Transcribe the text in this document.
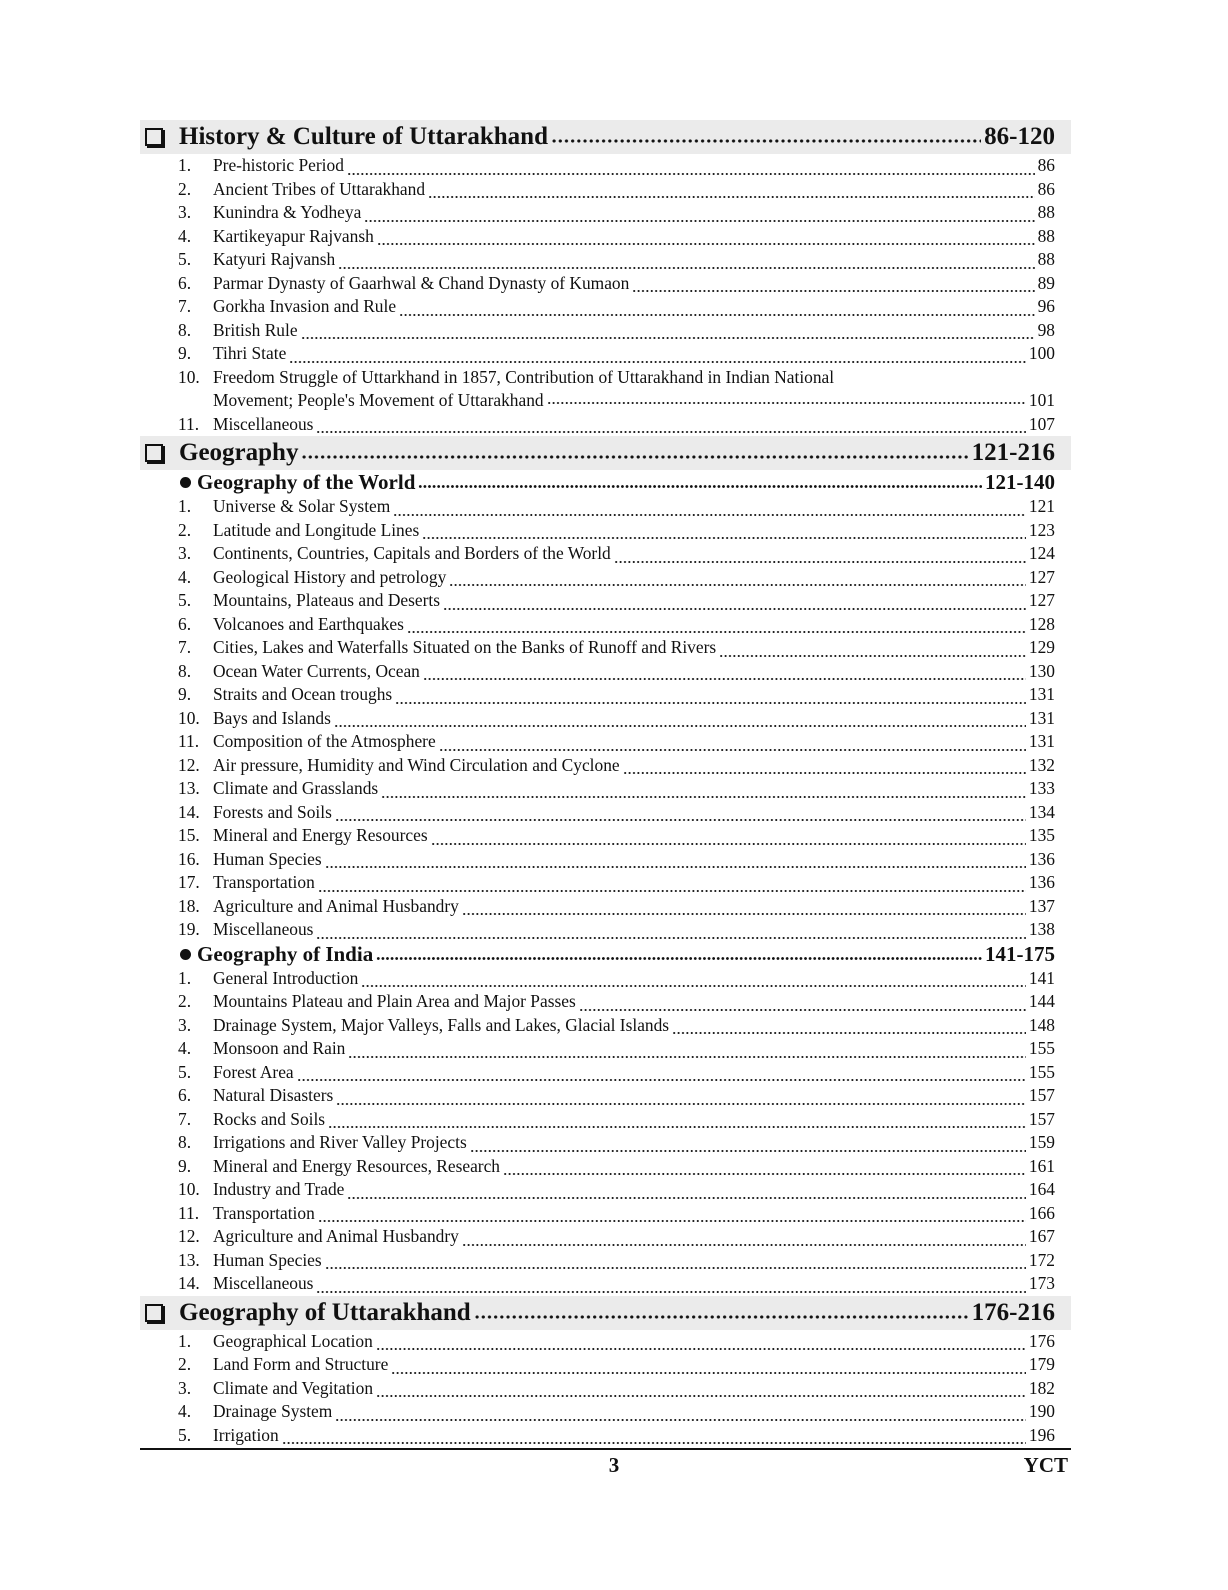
History & Culture of Uttarakhand	86-120
1.	Pre-historic Period	86
2.	Ancient Tribes of Uttarakhand	86
3.	Kunindra & Yodheya	88
4.	Kartikeyapur Rajvansh	88
5.	Katyuri Rajvansh	88
6.	Parmar Dynasty of Gaarhwal & Chand Dynasty of Kumaon	89
7.	Gorkha Invasion and Rule	96
8.	British Rule	98
9.	Tihri State	100
10. Freedom Struggle of Uttarkhand in 1857, Contribution of Uttarakhand in Indian National
Movement; People's Movement of Uttarakhand	101
11. Miscellaneous	107
Geography	121-216
Geography of the World	121-140
1.	Universe & Solar System	121
2.	Latitude and Longitude Lines	123
3.	Continents, Countries, Capitals and Borders of the World	124
4.	Geological History and petrology	127
5.	Mountains, Plateaus and Deserts	127
6.	Volcanoes and Earthquakes	128
7.	Cities, Lakes and Waterfalls Situated on the Banks of Runoff and Rivers	129
8.	Ocean Water Currents, Ocean	130
9.	Straits and Ocean troughs	131
10. Bays and Islands	131
11. Composition of the Atmosphere	131
12. Air pressure, Humidity and Wind Circulation and Cyclone	132
13. Climate and Grasslands	133
14. Forests and Soils	134
15. Mineral and Energy Resources	135
16. Human Species	136
17. Transportation	136
18. Agriculture and Animal Husbandry	137
19. Miscellaneous	138
Geography of India	141-175
1.	General Introduction	141
2.	Mountains Plateau and Plain Area and Major Passes	144
3.	Drainage System, Major Valleys, Falls and Lakes, Glacial Islands	148
4.	Monsoon and Rain	155
5.	Forest Area	155
6.	Natural Disasters	157
7.	Rocks and Soils	157
8.	Irrigations and River Valley Projects	159
9.	Mineral and Energy Resources, Research	161
10. Industry and Trade	164
11. Transportation	166
12. Agriculture and Animal Husbandry	167
13. Human Species	172
14. Miscellaneous	173
Geography of Uttarakhand	176-216
1.	Geographical Location	176
2.	Land Form and Structure	179
3.	Climate and Vegitation	182
4.	Drainage System	190
5.	Irrigation	196
3	YCT
